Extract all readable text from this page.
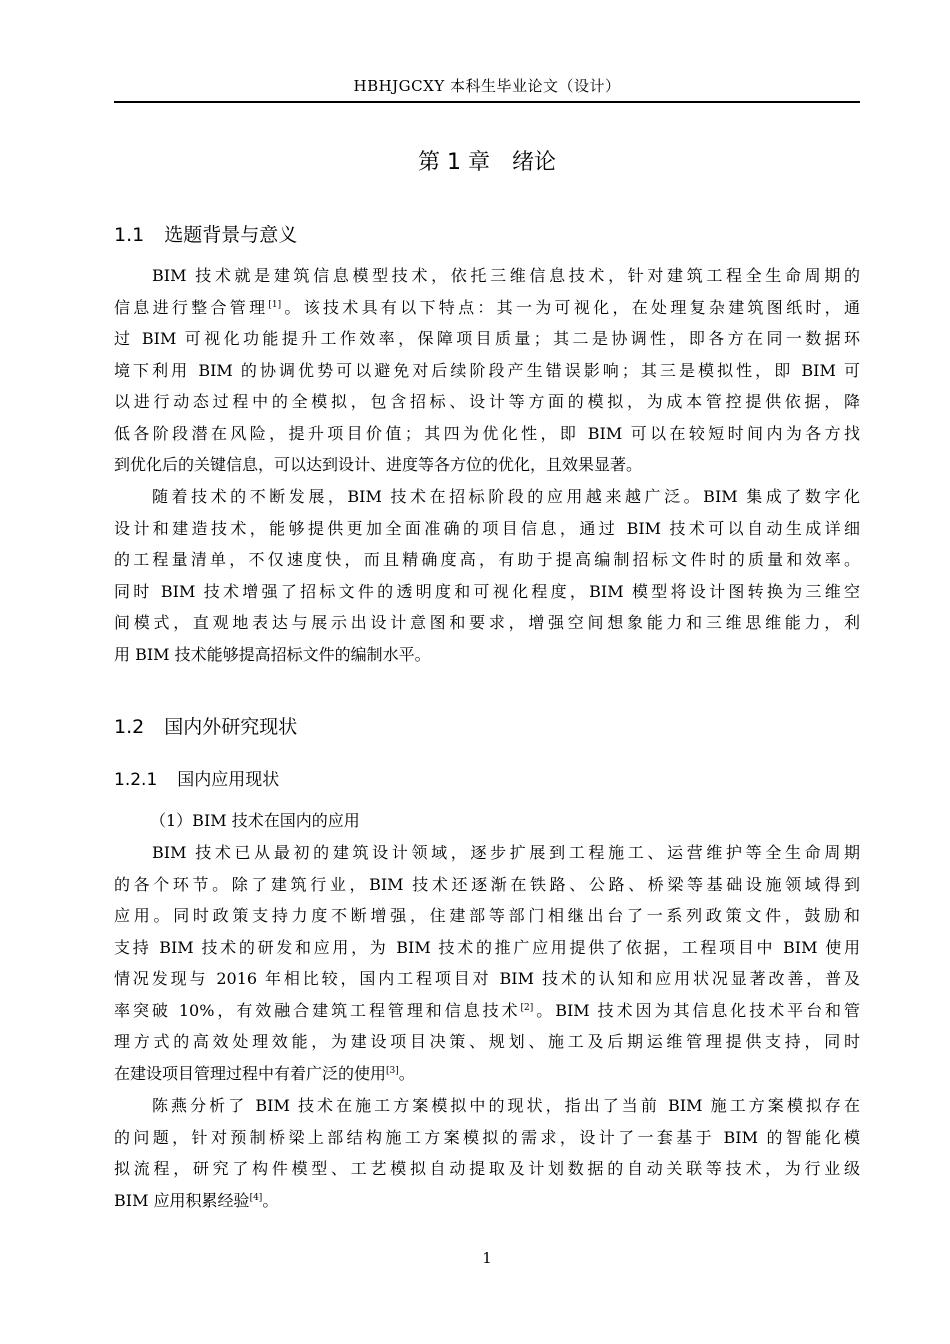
HBHJGCXY 本科生毕业论文（设计）
第 1 章　绪论
1.1 选题背景与意义
BIM 技术就是建筑信息模型技术，依托三维信息技术，针对建筑工程全生命周期的
信息进行整合管理[1]。该技术具有以下特点：其一为可视化，在处理复杂建筑图纸时，通
过 BIM 可视化功能提升工作效率，保障项目质量；其二是协调性，即各方在同一数据环
境下利用 BIM 的协调优势可以避免对后续阶段产生错误影响；其三是模拟性，即 BIM 可
以进行动态过程中的全模拟，包含招标、设计等方面的模拟，为成本管控提供依据，降
低各阶段潜在风险，提升项目价值；其四为优化性，即 BIM 可以在较短时间内为各方找
到优化后的关键信息，可以达到设计、进度等各方位的优化，且效果显著。
随着技术的不断发展，BIM 技术在招标阶段的应用越来越广泛。BIM 集成了数字化
设计和建造技术，能够提供更加全面准确的项目信息，通过 BIM 技术可以自动生成详细
的工程量清单，不仅速度快，而且精确度高，有助于提高编制招标文件时的质量和效率。
同时 BIM 技术增强了招标文件的透明度和可视化程度，BIM 模型将设计图转换为三维空
间模式，直观地表达与展示出设计意图和要求，增强空间想象能力和三维思维能力，利
用 BIM 技术能够提高招标文件的编制水平。
1.2 国内外研究现状
1.2.1 国内应用现状
（1）BIM 技术在国内的应用
BIM 技术已从最初的建筑设计领域，逐步扩展到工程施工、运营维护等全生命周期
的各个环节。除了建筑行业，BIM 技术还逐渐在铁路、公路、桥梁等基础设施领域得到
应用。同时政策支持力度不断增强，住建部等部门相继出台了一系列政策文件，鼓励和
支持 BIM 技术的研发和应用，为 BIM 技术的推广应用提供了依据，工程项目中 BIM 使用
情况发现与 2016 年相比较，国内工程项目对 BIM 技术的认知和应用状况显著改善，普及
率突破 10%，有效融合建筑工程管理和信息技术[2]。BIM 技术因为其信息化技术平台和管
理方式的高效处理效能，为建设项目决策、规划、施工及后期运维管理提供支持，同时
在建设项目管理过程中有着广泛的使用[3]。
陈燕分析了 BIM 技术在施工方案模拟中的现状，指出了当前 BIM 施工方案模拟存在
的问题，针对预制桥梁上部结构施工方案模拟的需求，设计了一套基于 BIM 的智能化模
拟流程，研究了构件模型、工艺模拟自动提取及计划数据的自动关联等技术，为行业级
BIM 应用积累经验[4]。
1
